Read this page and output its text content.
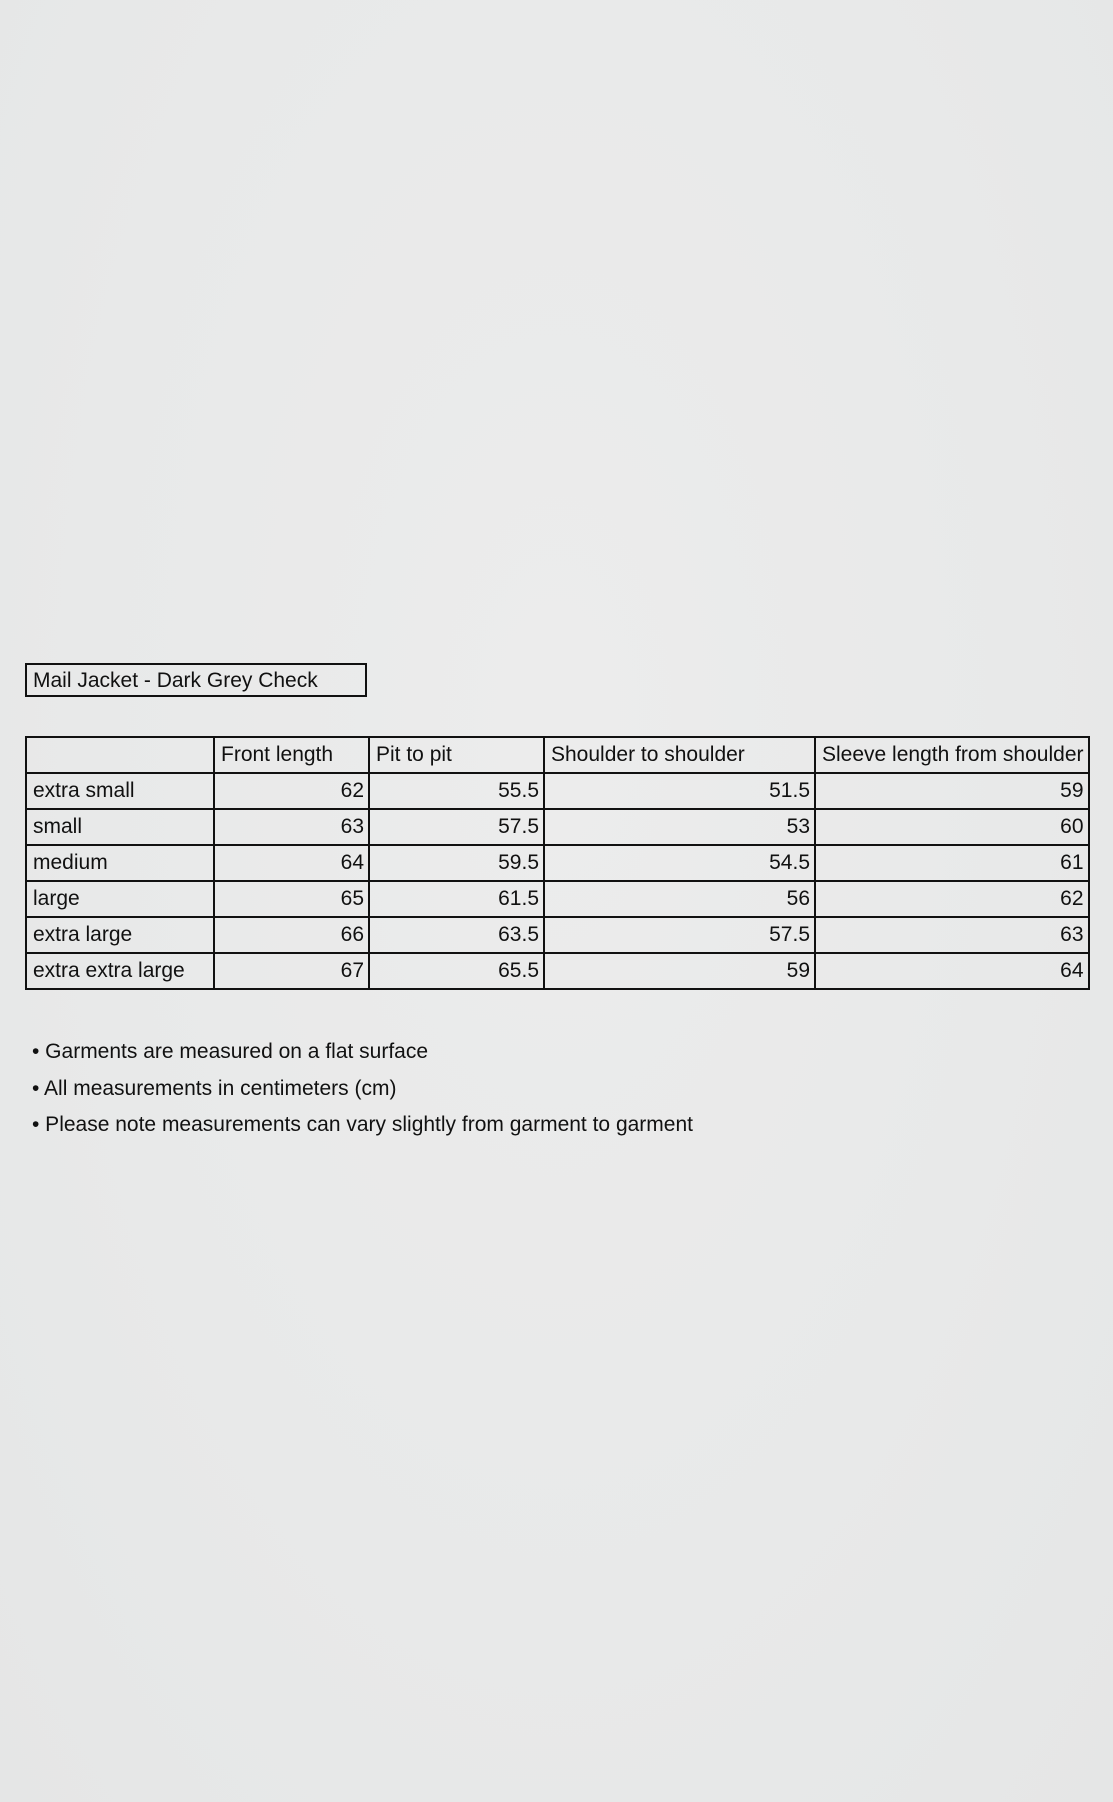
Mail Jacket - Dark Grey Check
	Front length	Pit to pit	Shoulder to shoulder	Sleeve length from shoulder
extra small	62	55.5	51.5	59
small	63	57.5	53	60
medium	64	59.5	54.5	61
large	65	61.5	56	62
extra large	66	63.5	57.5	63
extra extra large	67	65.5	59	64
• Garments are measured on a flat surface
• All measurements in centimeters (cm)
• Please note measurements can vary slightly from garment to garment
